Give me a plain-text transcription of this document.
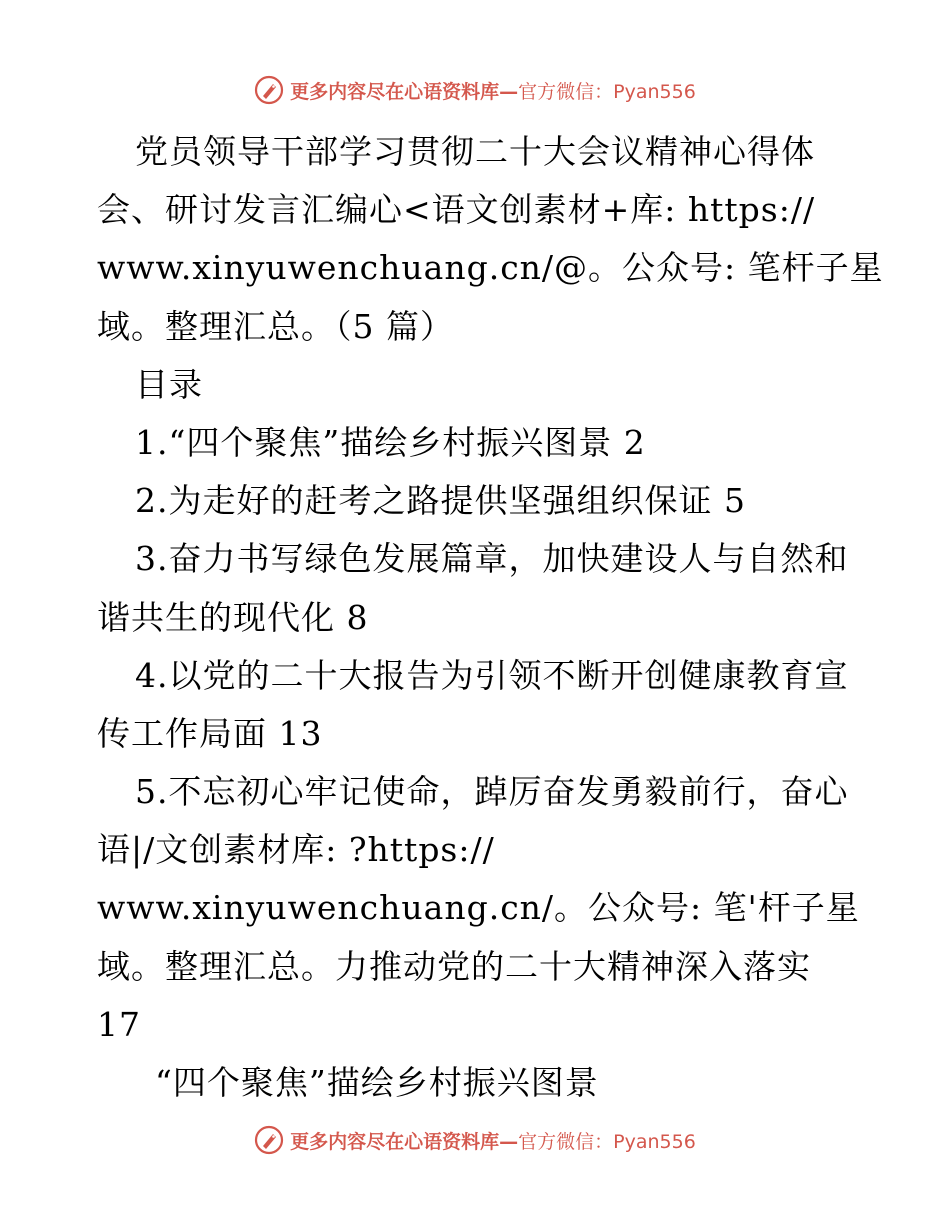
更多内容尽在心语资料库—官方微信：Pyan556
党员领导干部学习贯彻二十大会议精神心得体
会、研讨发言汇编心<语文创素材+库: https://
www.xinyuwenchuang.cn/@。公众号: 笔杆子星
域。整理汇总。（5 篇）
目录
1.“四个聚焦”描绘乡村振兴图景 2
2.为走好的赶考之路提供坚强组织保证 5
3.奋力书写绿色发展篇章，加快建设人与自然和
谐共生的现代化 8
4.以党的二十大报告为引领不断开创健康教育宣
传工作局面 13
5.不忘初心牢记使命，踔厉奋发勇毅前行，奋心
语|/文创素材库: ?https://
www.xinyuwenchuang.cn/。公众号: 笔'杆子星
域。整理汇总。力推动党的二十大精神深入落实
17
“四个聚焦”描绘乡村振兴图景
更多内容尽在心语资料库—官方微信：Pyan556
